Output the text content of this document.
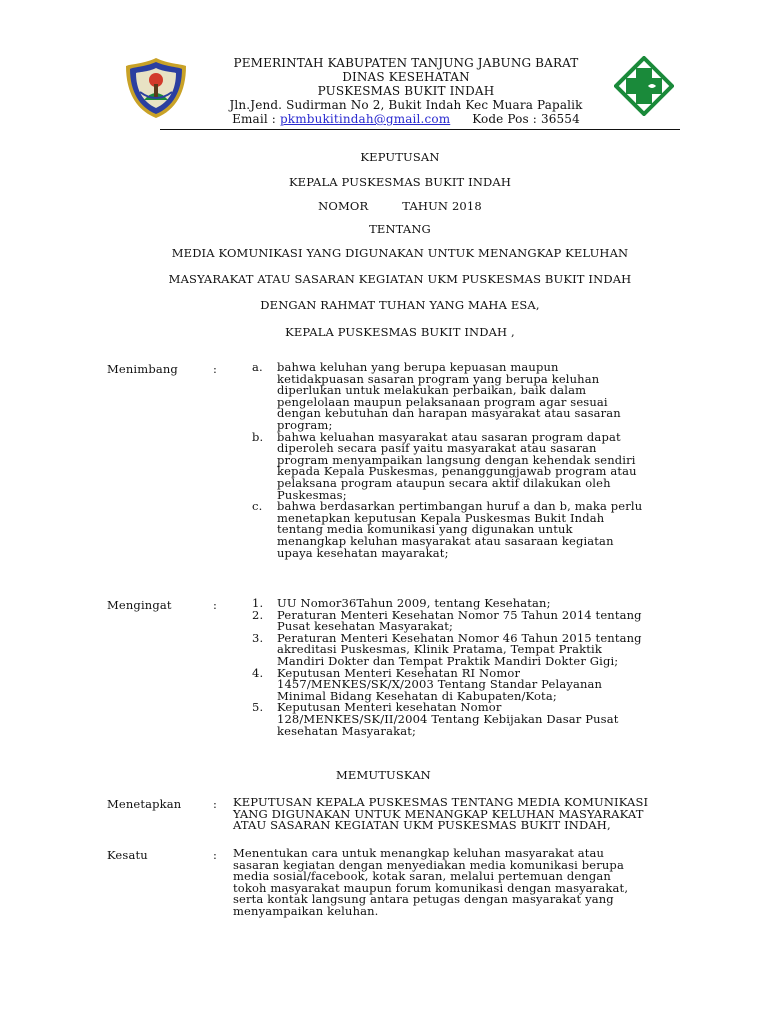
PEMERINTAH KABUPATEN TANJUNG JABUNG BARAT
DINAS KESEHATAN
PUSKESMAS BUKIT INDAH
Jln.Jend. Sudirman No 2, Bukit Indah Kec Muara Papalik
Email : pkmbukitindah@gmail.com Kode Pos : 36554
KEPUTUSAN
KEPALA PUSKESMAS BUKIT INDAH
NOMOR	TAHUN 2018
TENTANG
MEDIA KOMUNIKASI YANG DIGUNAKAN UNTUK MENANGKAP KELUHAN
MASYARAKAT ATAU SASARAN KEGIATAN UKM PUSKESMAS BUKIT INDAH
DENGAN RAHMAT TUHAN YANG MAHA ESA,
KEPALA PUSKESMAS BUKIT INDAH ,
Menimbang	:	a. bahwa keluhan yang berupa kepuasan maupun
ketidakpuasan sasaran program yang berupa keluhan
diperlukan untuk melakukan perbaikan, baik dalam
pengelolaan maupun pelaksanaan program agar sesuai
dengan kebutuhan dan harapan masyarakat atau sasaran
program;
b. bahwa keluahan masyarakat atau sasaran program dapat
diperoleh secara pasif yaitu masyarakat atau sasaran
program menyampaikan langsung dengan kehendak sendiri
kepada Kepala Puskesmas, penanggungjawab program atau
pelaksana program ataupun secara aktif dilakukan oleh
Puskesmas;
c. bahwa berdasarkan pertimbangan huruf a dan b, maka perlu
menetapkan keputusan Kepala Puskesmas Bukit Indah
tentang media komunikasi yang digunakan untuk
menangkap keluhan masyarakat atau sasaraan kegiatan
upaya kesehatan mayarakat;
Mengingat	:	1. UU Nomor36Tahun 2009, tentang Kesehatan;
2. Peraturan Menteri Kesehatan Nomor 75 Tahun 2014 tentang
Pusat kesehatan Masyarakat;
3. Peraturan Menteri Kesehatan Nomor 46 Tahun 2015 tentang
akreditasi Puskesmas, Klinik Pratama, Tempat Praktik
Mandiri Dokter dan Tempat Praktik Mandiri Dokter Gigi;
4. Keputusan Menteri Kesehatan RI Nomor
1457/MENKES/SK/X/2003 Tentang Standar Pelayanan
Minimal Bidang Kesehatan di Kabupaten/Kota;
5. Keputusan Menteri kesehatan Nomor
128/MENKES/SK/II/2004 Tentang Kebijakan Dasar Pusat
kesehatan Masyarakat;
MEMUTUSKAN
Menetapkan	: KEPUTUSAN KEPALA PUSKESMAS TENTANG MEDIA KOMUNIKASI
YANG DIGUNAKAN UNTUK MENANGKAP KELUHAN MASYARAKAT
ATAU SASARAN KEGIATAN UKM PUSKESMAS BUKIT INDAH,
Kesatu	: Menentukan cara untuk menangkap keluhan masyarakat atau
sasaran kegiatan dengan menyediakan media komunikasi berupa
media sosial/facebook, kotak saran, melalui pertemuan dengan
tokoh masyarakat maupun forum komunikasi dengan masyarakat,
serta kontak langsung antara petugas dengan masyarakat yang
menyampaikan keluhan.
